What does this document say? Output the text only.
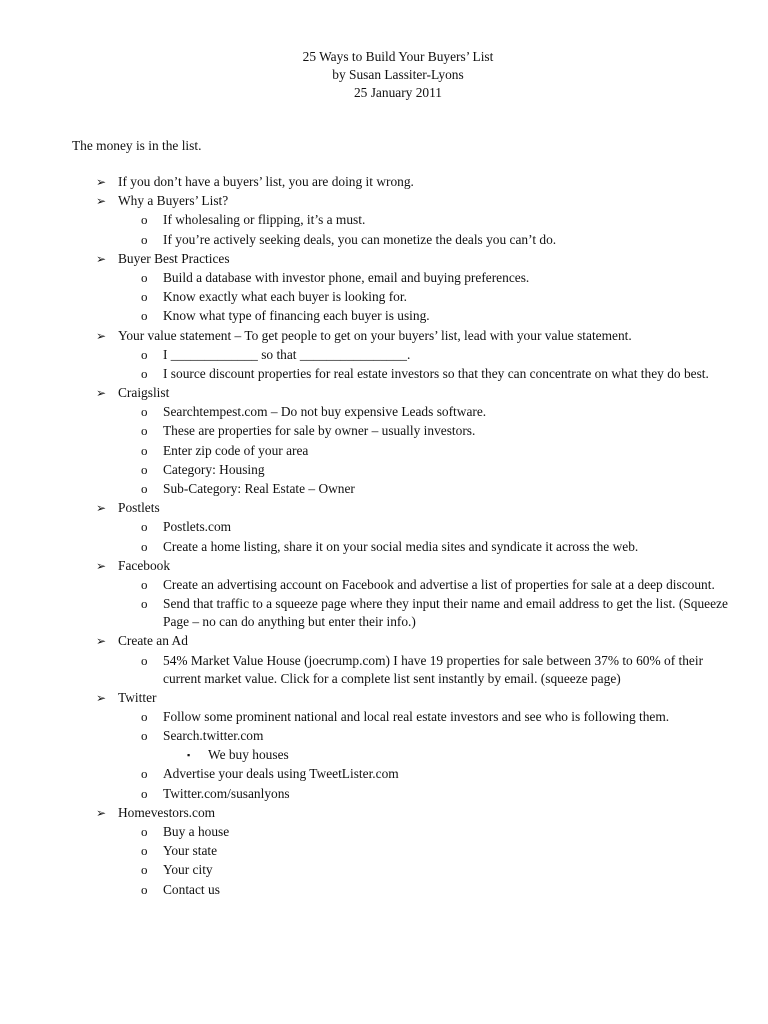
25 Ways to Build Your Buyers’ List
by Susan Lassiter-Lyons
25 January 2011
The money is in the list.
➢ If you don’t have a buyers’ list, you are doing it wrong.
➢ Why a Buyers’ List?
o If wholesaling or flipping, it’s a must.
o If you’re actively seeking deals, you can monetize the deals you can’t do.
➢ Buyer Best Practices
o Build a database with investor phone, email and buying preferences.
o Know exactly what each buyer is looking for.
o Know what type of financing each buyer is using.
➢ Your value statement – To get people to get on your buyers’ list, lead with your value statement.
o I _____________ so that ________________.
o I source discount properties for real estate investors so that they can concentrate on what they do best.
➢ Craigslist
o Searchtempest.com – Do not buy expensive Leads software.
o These are properties for sale by owner – usually investors.
o Enter zip code of your area
o Category: Housing
o Sub-Category: Real Estate – Owner
➢ Postlets
o Postlets.com
o Create a home listing, share it on your social media sites and syndicate it across the web.
➢ Facebook
o Create an advertising account on Facebook and advertise a list of properties for sale at a deep discount.
o Send that traffic to a squeeze page where they input their name and email address to get the list. (Squeeze Page – no can do anything but enter their info.)
➢ Create an Ad
o 54% Market Value House (joecrump.com) I have 19 properties for sale between 37% to 60% of their current market value. Click for a complete list sent instantly by email. (squeeze page)
➢ Twitter
o Follow some prominent national and local real estate investors and see who is following them.
o Search.twitter.com
▪ We buy houses
o Advertise your deals using TweetLister.com
o Twitter.com/susanlyons
➢ Homevestors.com
o Buy a house
o Your state
o Your city
o Contact us
